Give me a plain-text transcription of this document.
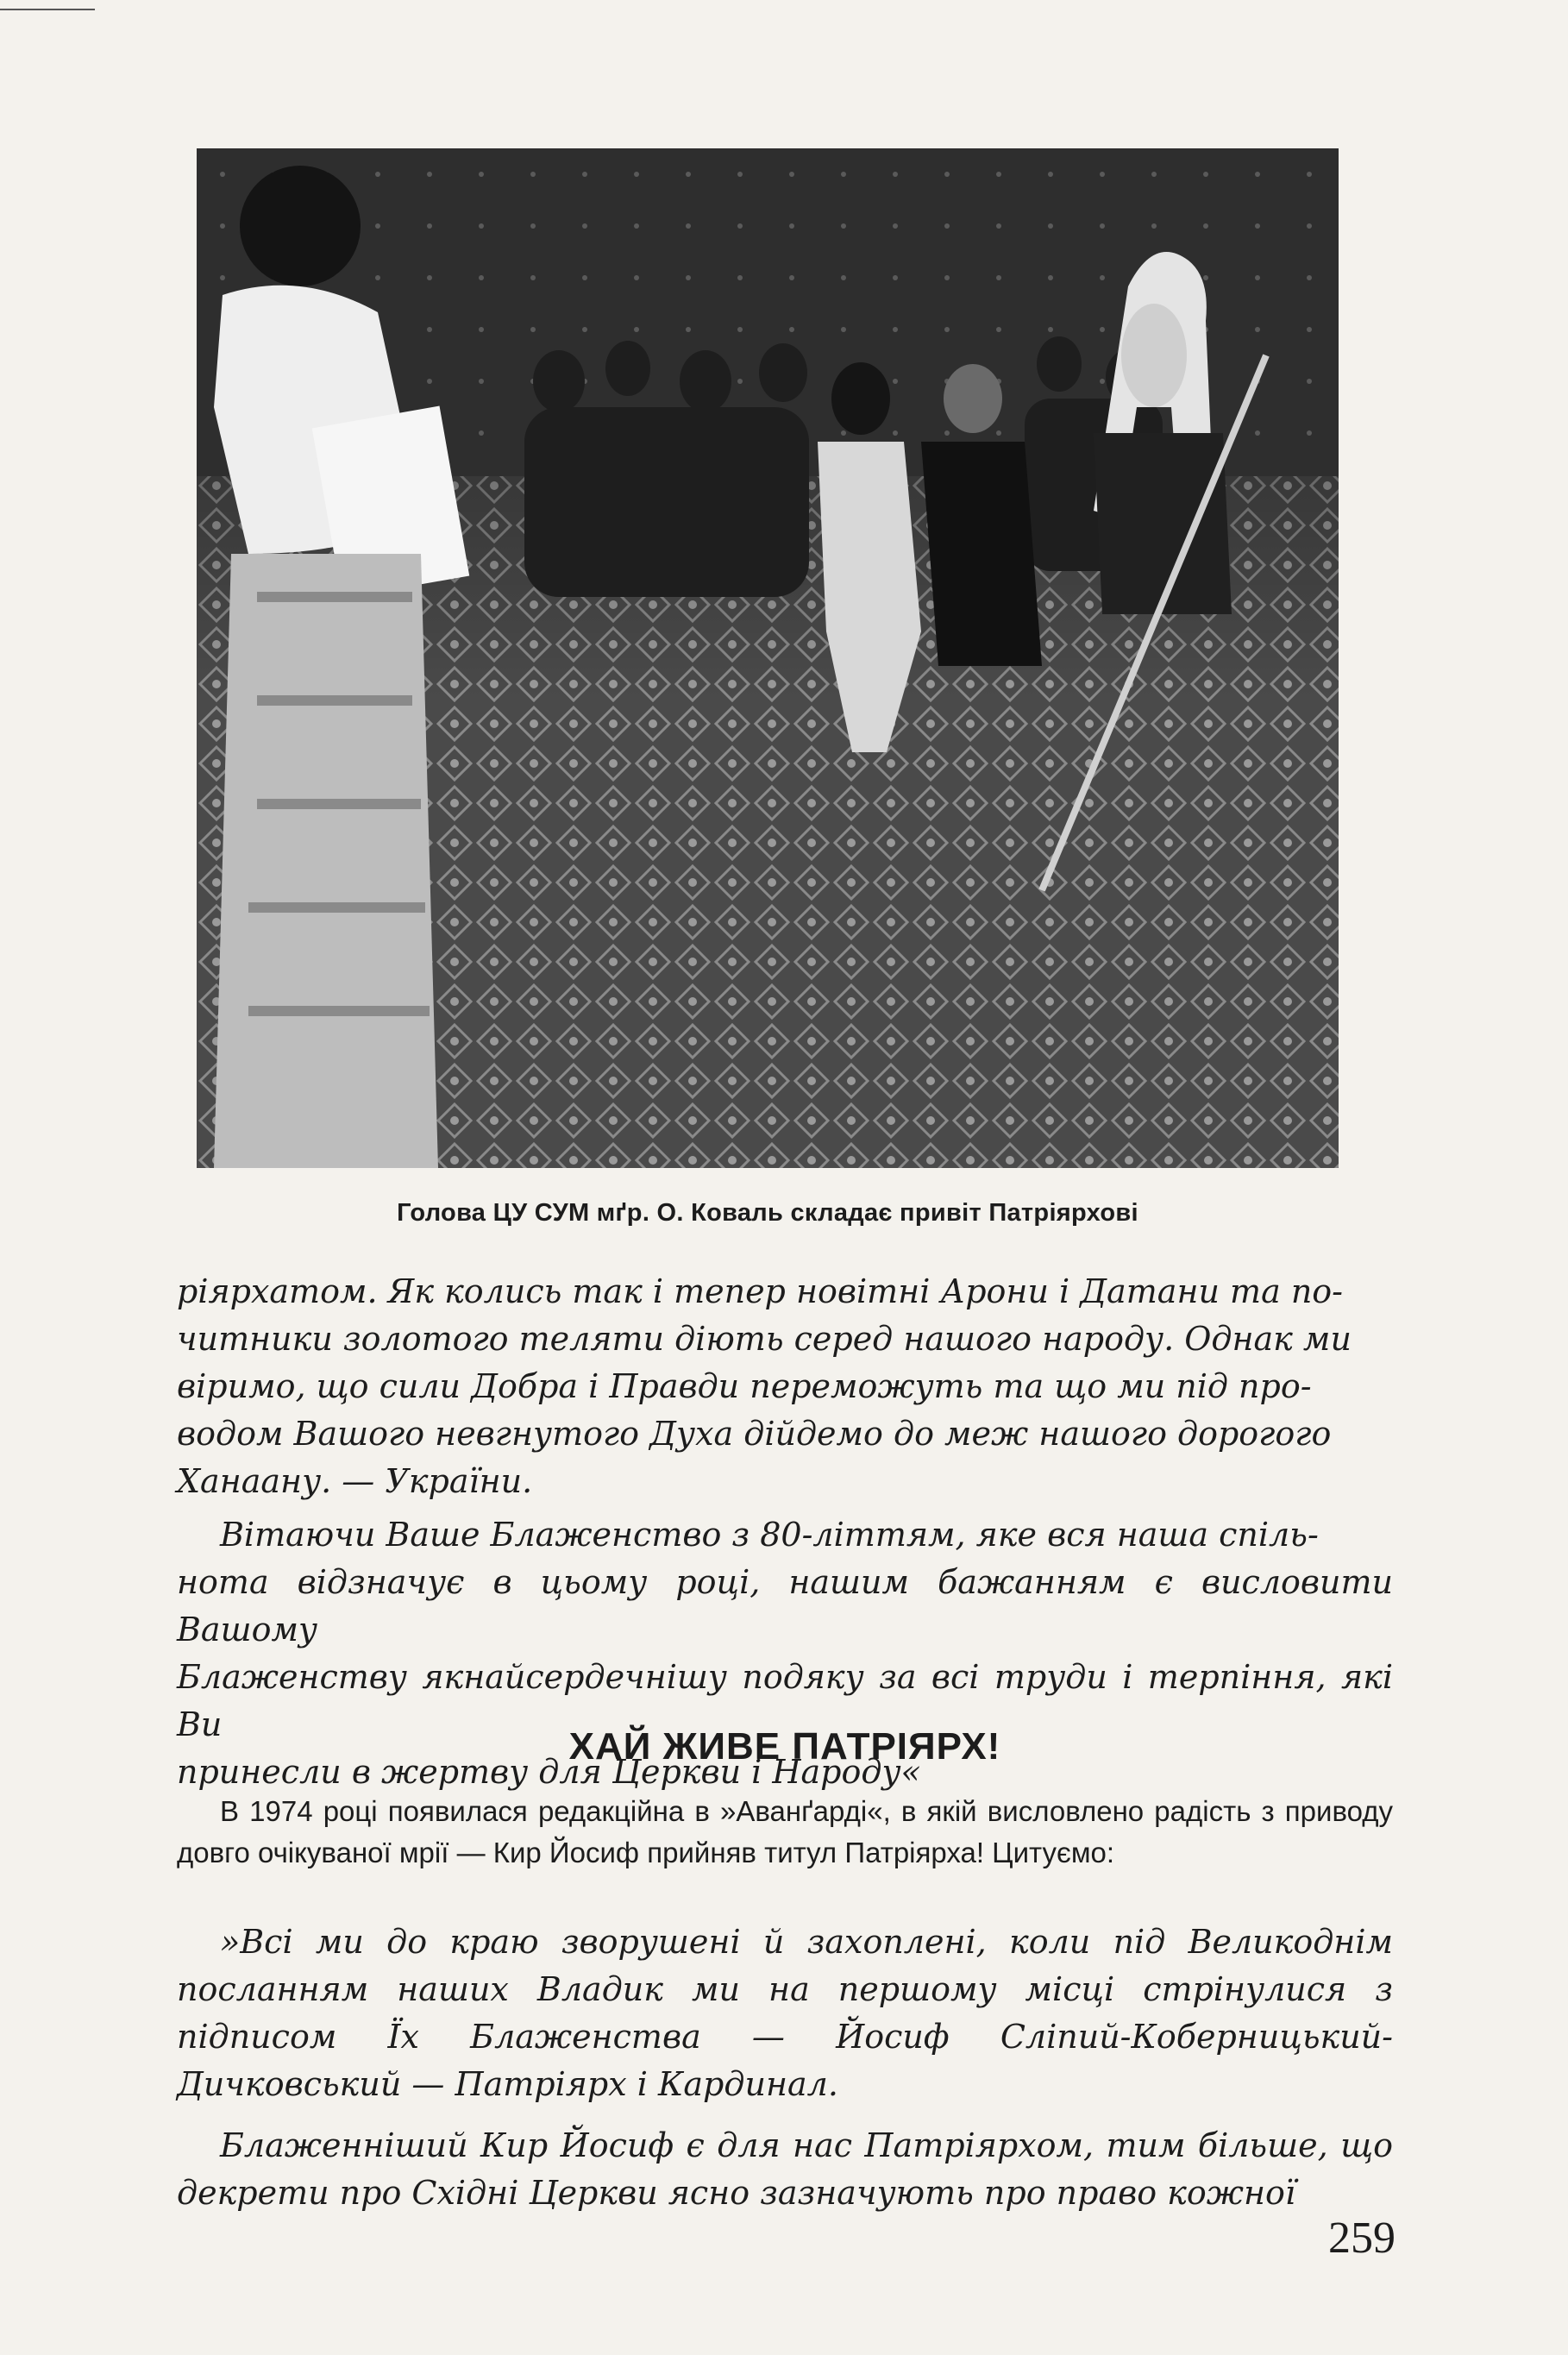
Голова ЦУ СУМ мґр. О. Коваль складає привіт Патріярхові

ріярхатом. Як колись так і тепер новітні Арони і Датани та по-

читники золотого теляти діють серед нашого народу. Однак ми

віримо, що сили Добра і Правди переможуть та що ми під про-

водом Вашого невгнутого Духа дійдемо до меж нашого дорогого

Ханаану. — України.

Вітаючи Ваше Блаженство з 80-літтям, яке вся наша спіль-

нота відзначує в цьому році, нашим бажанням є висловити Вашому

Блаженству якнайсердечнішу подяку за всі труди і терпіння, які Ви

принесли в жертву для Церкви і Народу«

ХАЙ ЖИВЕ ПАТРІЯРХ!

В 1974 році появилася редакційна в »Аванґарді«, в якій висловлено радість з приводу довго очікуваної мрії — Кир Йосиф прийняв титул Патріярха! Цитуємо:

»Всі ми до краю зворушені й захоплені, коли під Великоднім посланням наших Владик ми на першому місці стрінулися з підписом Їх Блаженства — Йосиф Сліпий-Коберницький-Дичковський — Патріярх і Кардинал.

Блаженніший Кир Йосиф є для нас Патріярхом, тим більше, що декрети про Східні Церкви ясно зазначують про право кожної

259
